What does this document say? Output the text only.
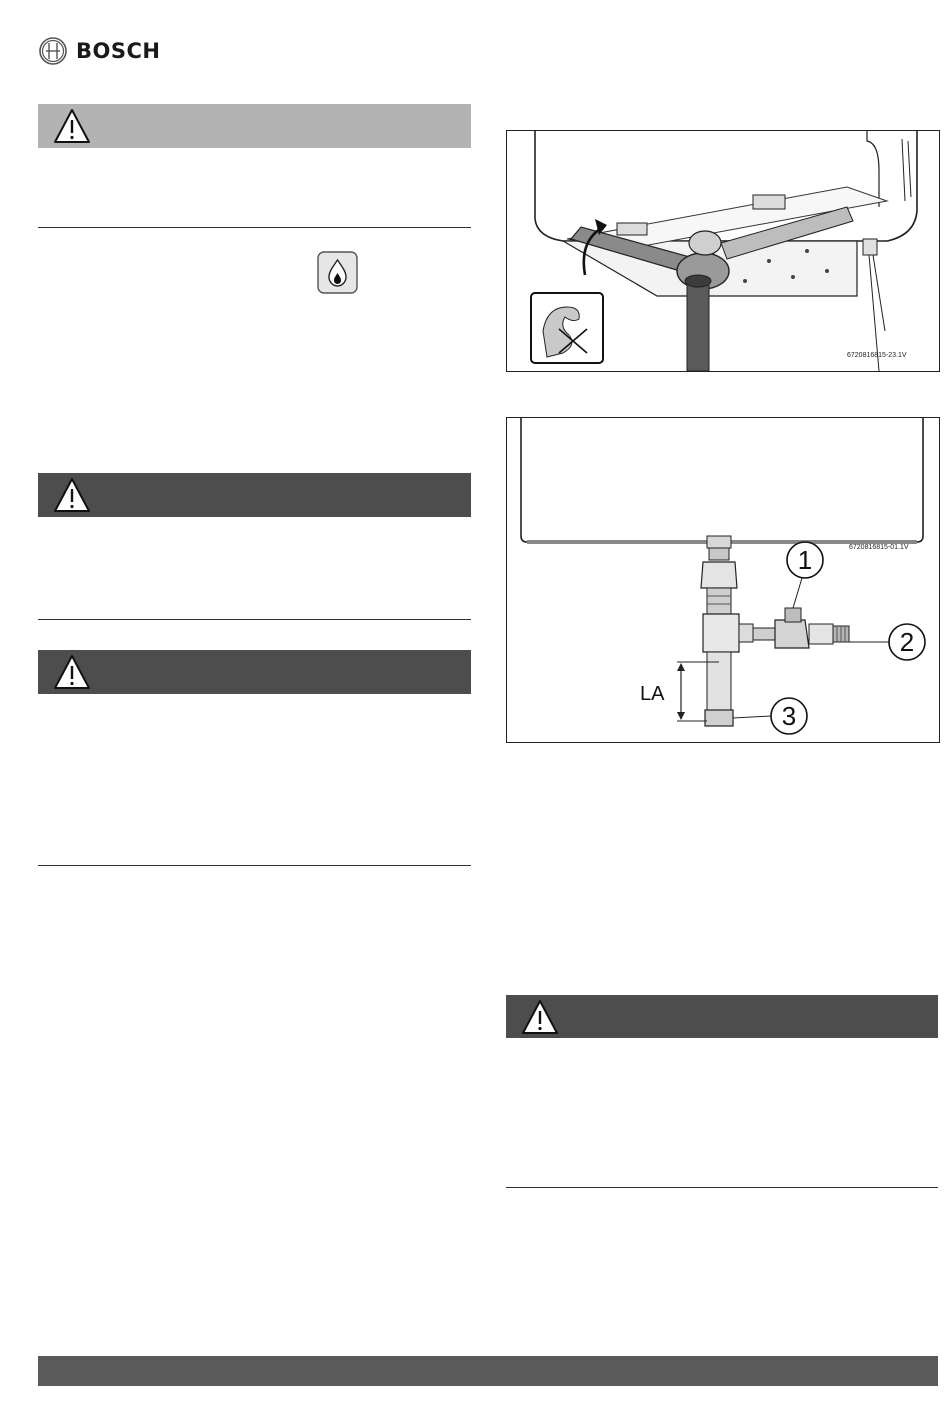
BOSCH
6720816815-23.1V
6720816815-01.1V
LA
1
2
3
